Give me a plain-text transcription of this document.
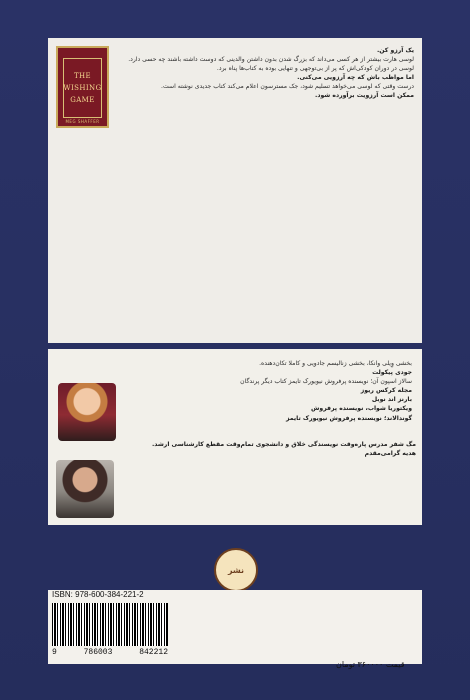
THE WISHING GAME
MEG SHAFFER
یک آرزو کن.
لوسی هارت بیشتر از هر کسی می‌داند که بزرگ شدن بدون داشتن والدینی که دوست داشته باشند چه حسی دارد. لوسی در دوران کودکی‌اش که پر از بی‌توجهی و تنهایی بوده به کتاب‌ها پناه برد.
اما مواظب باش که چه آرزویی می‌کنی.
درست وقتی که لوسی می‌خواهد تسلیم شود، جک مسترسون اعلام می‌کند کتاب جدیدی نوشته است.
ممکن است آرزویت برآورده شود.
بخشی وِیلی وانکا، بخشی زنالیسم جادویی و کاملا تکان‌دهنده.
جودی پیکولت
سالاز اسپون آن؛ نویسنده پرفروش نیویورک تایمز کتاب دیگر پرندگان
مجله کرکس ریوز
بارنز اند نوبل
ویکتوریا شواب، نویسنده پرفروش
گوندالاند؛ نویسنده پرفروش نیویورک تایمز
مگ شفر مدرس پاره‌وقت نویسندگی خلاق و دانشجوی تمام‌وقت مقطع کارشناسی ارشد.
هدیه گرامی‌مقدم
نشر
ISBN: 978-600-384-221-2
9	786003	842212
قیمت ۳۶۰۰۰۰ تومان
